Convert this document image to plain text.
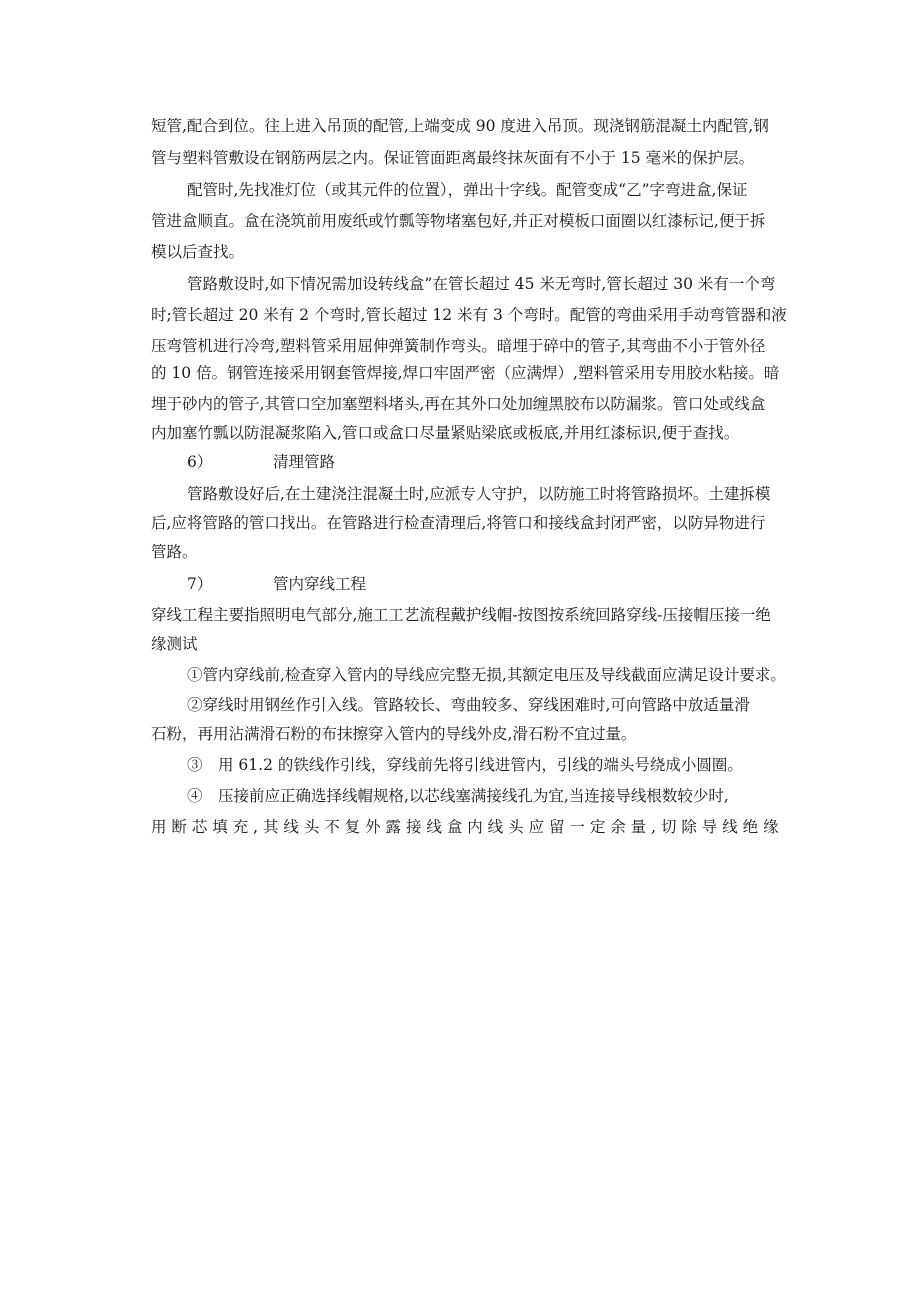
短管,配合到位。往上进入吊顶的配管,上端变成 90 度进入吊顶。现浇钢筋混凝土内配管,钢
管与塑料管敷设在钢筋两层之内。保证管面距离最终抹灰面有不小于 15 毫米的保护层。
配管时,先找准灯位（或其元件的位置），弹出十字线。配管变成“乙”字弯进盒,保证
管进盒顺直。盒在浇筑前用废纸或竹瓢等物堵塞包好,并正对模板口面圈以红漆标记,便于拆
模以后查找。
管路敷设时,如下情况需加设转线盒”在管长超过 45 米无弯时,管长超过 30 米有一个弯
时;管长超过 20 米有 2 个弯时,管长超过 12 米有 3 个弯时。配管的弯曲采用手动弯管器和液
压弯管机进行冷弯,塑料管采用屈伸弹簧制作弯头。暗埋于碎中的管子,其弯曲不小于管外径
的 10 倍。钢管连接采用钢套管焊接,焊口牢固严密（应满焊）,塑料管采用专用胶水粘接。暗
埋于砂内的管子,其管口空加塞塑料堵头,再在其外口处加缠黑胶布以防漏浆。管口处或线盒
内加塞竹瓢以防混凝浆陷入,管口或盒口尽量紧贴梁底或板底,并用红漆标识,便于查找。
6）	清理管路
管路敷设好后,在土建浇注混凝土时,应派专人守护，以防施工时将管路损坏。土建拆模
后,应将管路的管口找出。在管路进行检查清理后,将管口和接线盒封闭严密，以防异物进行
管路。
7）	管内穿线工程
穿线工程主要指照明电气部分,施工工艺流程戴护线帽-按图按系统回路穿线-压接帽压接一绝
缘测试
①管内穿线前,检查穿入管内的导线应完整无损,其额定电压及导线截面应满足设计要求。
②穿线时用钢丝作引入线。管路较长、弯曲较多、穿线困难时,可向管路中放适量滑
石粉，再用沾满滑石粉的布抹擦穿入管内的导线外皮,滑石粉不宜过量。
③　用 61.2 的铁线作引线，穿线前先将引线进管内，引线的端头号绕成小圆圈。
④　压接前应正确选择线帽规格,以芯线塞满接线孔为宜,当连接导线根数较少时,
用 断 芯 填 充 , 其 线 头 不 复 外 露 接 线 盒 内 线 头 应 留 一 定 余 量 , 切 除 导 线 绝 缘
